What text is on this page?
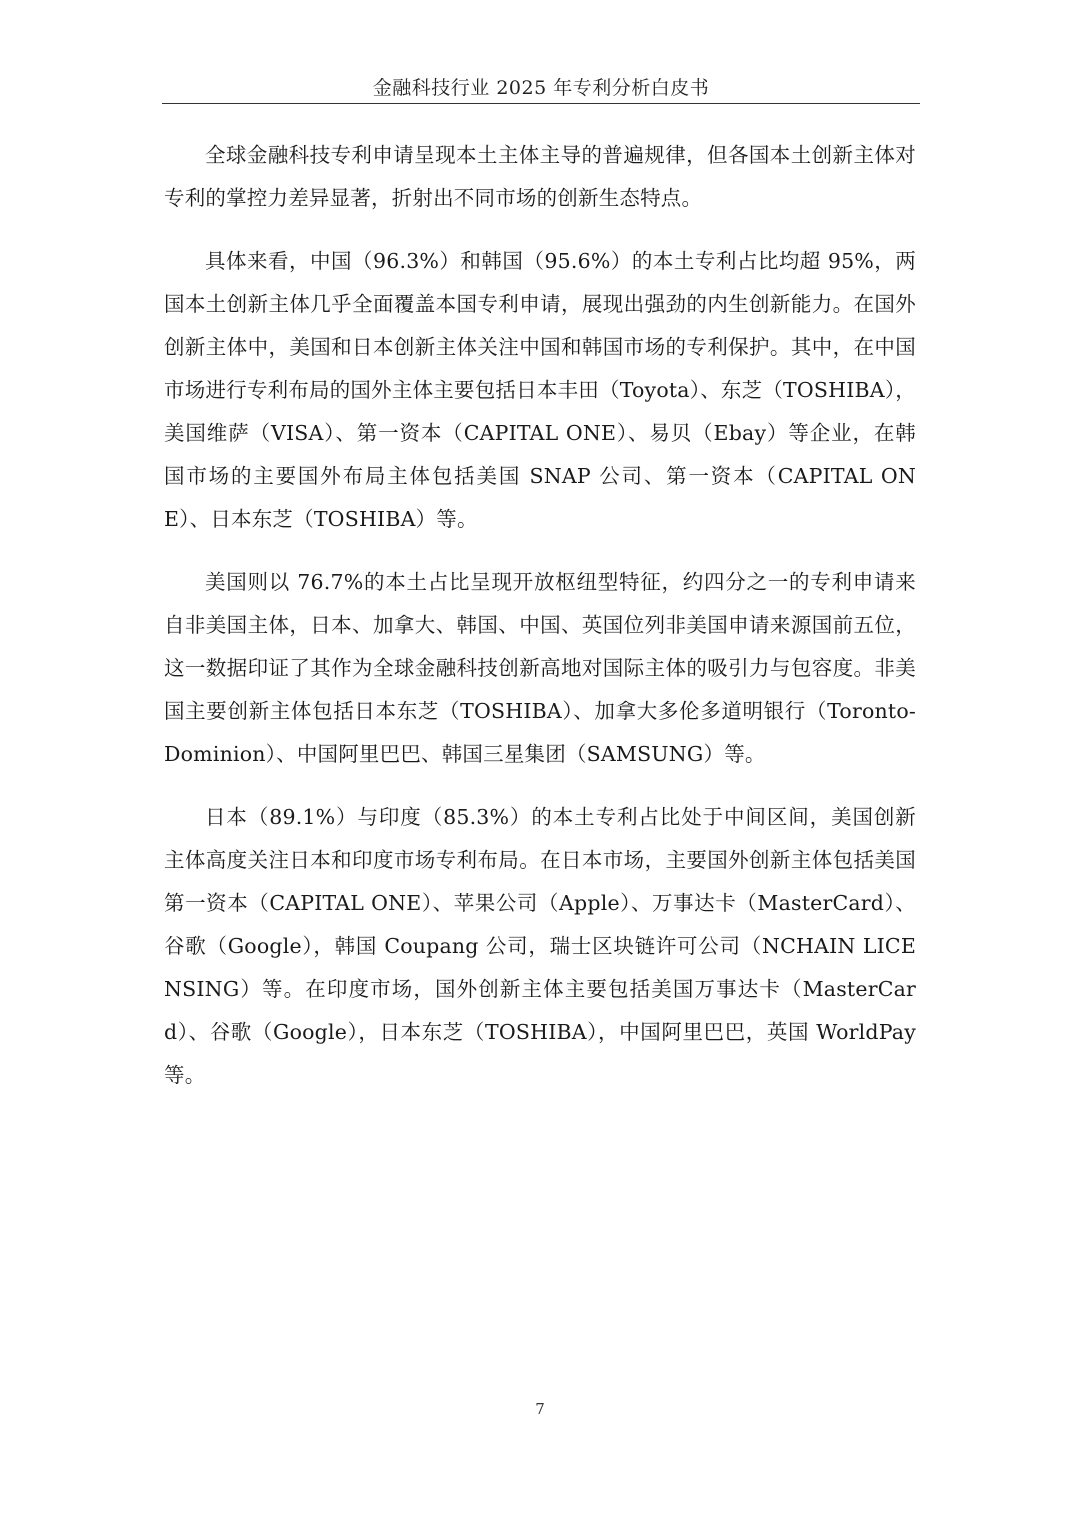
金融科技行业 2025 年专利分析白皮书

全球金融科技专利申请呈现本土主体主导的普遍规律，但各国本土创新主体对专利的掌控力差异显著，折射出不同市场的创新生态特点。

具体来看，中国（96.3%）和韩国（95.6%）的本土专利占比均超 95%，两国本土创新主体几乎全面覆盖本国专利申请，展现出强劲的内生创新能力。在国外创新主体中，美国和日本创新主体关注中国和韩国市场的专利保护。其中，在中国市场进行专利布局的国外主体主要包括日本丰田（Toyota）、东芝（TOSHIBA），美国维萨（VISA）、第一资本（CAPITAL ONE）、易贝（Ebay）等企业，在韩国市场的主要国外布局主体包括美国 SNAP 公司、第一资本（CAPITAL ONE）、日本东芝（TOSHIBA）等。

美国则以 76.7%的本土占比呈现开放枢纽型特征，约四分之一的专利申请来自非美国主体，日本、加拿大、韩国、中国、英国位列非美国申请来源国前五位，这一数据印证了其作为全球金融科技创新高地对国际主体的吸引力与包容度。非美国主要创新主体包括日本东芝（TOSHIBA）、加拿大多伦多道明银行（Toronto-Dominion）、中国阿里巴巴、韩国三星集团（SAMSUNG）等。

日本（89.1%）与印度（85.3%）的本土专利占比处于中间区间，美国创新主体高度关注日本和印度市场专利布局。在日本市场，主要国外创新主体包括美国第一资本（CAPITAL ONE）、苹果公司（Apple）、万事达卡（MasterCard）、谷歌（Google），韩国 Coupang 公司，瑞士区块链许可公司（NCHAIN LICENSING）等。在印度市场，国外创新主体主要包括美国万事达卡（MasterCard）、谷歌（Google），日本东芝（TOSHIBA），中国阿里巴巴，英国 WorldPay 等。

7
